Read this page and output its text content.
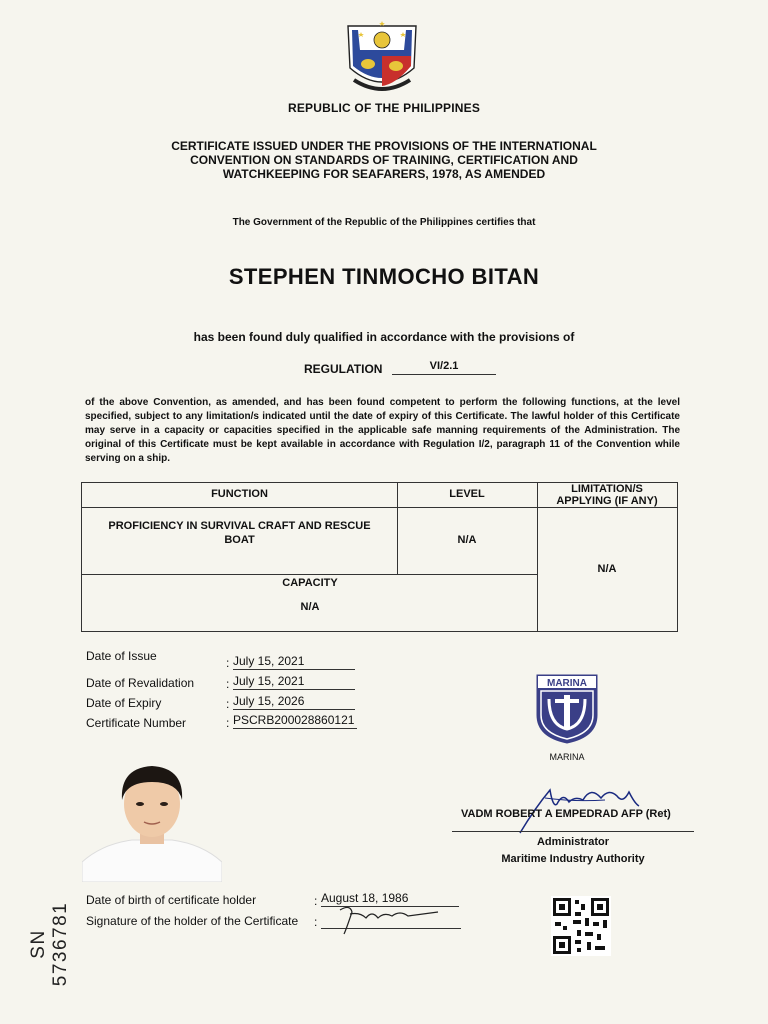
REPUBLIC OF THE PHILIPPINES
CERTIFICATE ISSUED UNDER THE PROVISIONS OF THE INTERNATIONAL
CONVENTION ON STANDARDS OF TRAINING, CERTIFICATION AND
WATCHKEEPING FOR SEAFARERS, 1978, AS AMENDED
The Government of the Republic of the Philippines certifies that
STEPHEN TINMOCHO BITAN
has been found duly qualified in accordance with the provisions of
REGULATION	VI/2.1
of the above Convention, as amended, and has been found competent to perform the following functions, at the level specified, subject to any limitation/s indicated until the date of expiry of this Certificate. The lawful holder of this Certificate may serve in a capacity or capacities specified in the applicable safe manning requirements of the Administration. The original of this Certificate must be kept available in accordance with Regulation I/2, paragraph 11 of the Convention while serving on a ship.
FUNCTION	LEVEL	LIMITATION/S
APPLYING (IF ANY)
PROFICIENCY IN SURVIVAL CRAFT AND RESCUE
BOAT	N/A
N/A
CAPACITY
N/A
Date of Issue	: July 15, 2021
Date of Revalidation	: July 15, 2021
Date of Expiry	: July 15, 2026
Certificate Number	: PSCRB200028860121
MARINA
MARINA
VADM ROBERT A EMPEDRAD AFP (Ret)
Administrator
Maritime Industry Authority
Date of birth of certificate holder	: August 18, 1986
Signature of the holder of the Certificate :
SN 5736781
